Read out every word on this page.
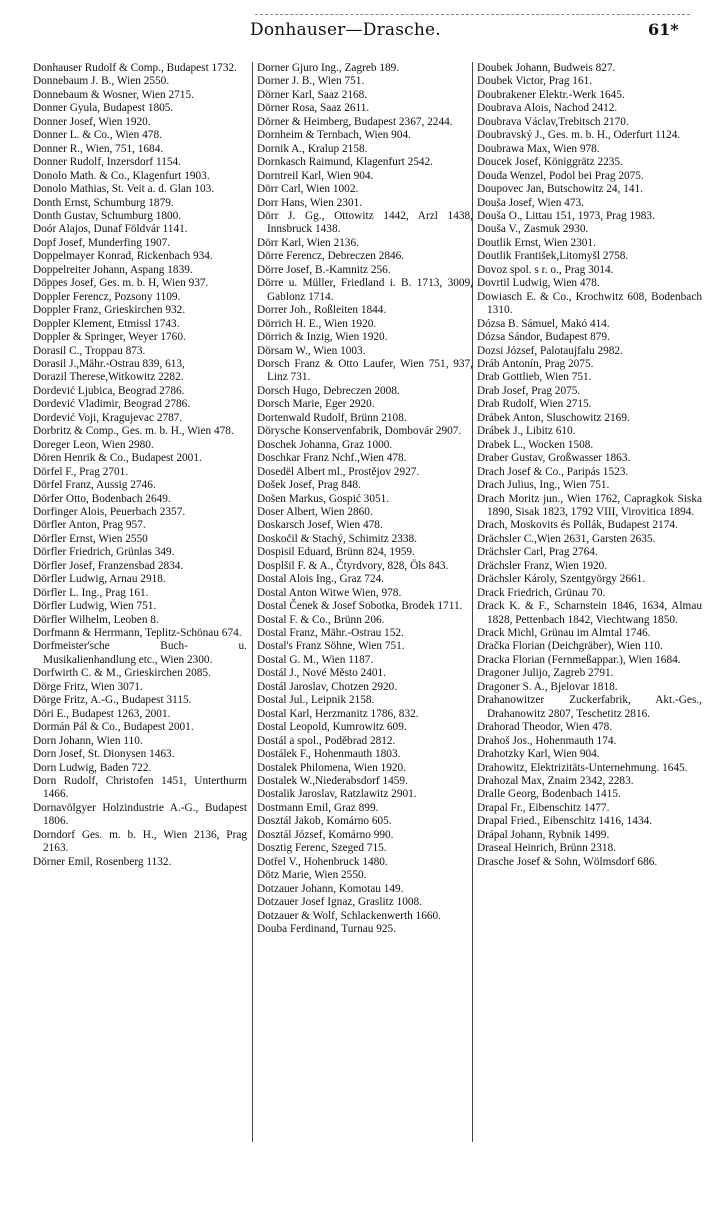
Donhauser—Drasche.	61*

Donhauser Rudolf & Comp., Budapest 1732.

Donnebaum J. B., Wien 2550.

Donnebaum & Wosner, Wien 2715.

Donner Gyula, Budapest 1805.

Donner Josef, Wien 1920.

Donner L. & Co., Wien 478.

Donner R., Wien, 751, 1684.

Donner Rudolf, Inzersdorf 1154.

Donolo Math. & Co., Klagenfurt 1903.

Donolo Mathias, St. Veit a. d. Glan 103.

Donth Ernst, Schumburg 1879.

Donth Gustav, Schumburg 1800.

Doór Alajos, Dunaf Földvár 1141.

Dopf Josef, Munderfing 1907.

Doppelmayer Konrad, Rickenbach 934.

Doppelreiter Johann, Aspang 1839.

Döppes Josef, Ges. m. b. H, Wien 937.

Doppler Ferencz, Pozsony 1109.

Doppler Franz, Grieskirchen 932.

Doppler Klement, Etmissl 1743.

Doppler & Springer, Weyer 1760.

Dorasil C., Troppau 873.

Dorasil J.,Mähr.-Ostrau 839, 613,

Dorazil Therese,Witkowitz 2282.

Dordević Ljubica, Beograd 2786.

Dordević Vladimir, Beograd 2786.

Dordević Voji, Kragujevac 2787.

Dorbritz & Comp., Ges. m. b. H., Wien 478.

Doreger Leon, Wien 2980.

Dören Henrik & Co., Budapest 2001.

Dörfel F., Prag 2701.

Dörfel Franz, Aussig 2746.

Dörfer Otto, Bodenbach 2649.

Dorfinger Alois, Peuerbach 2357.

Dörfler Anton, Prag 957.

Dörfler Ernst, Wien 2550

Dörfler Friedrich, Grünlas 349.

Dörfler Josef, Franzensbad 2834.

Dörfler Ludwig, Arnau 2918.

Dörfler L. Ing., Prag 161.

Dörfler Ludwig, Wien 751.

Dörfler Wilhelm, Leoben 8.

Dorfmann & Herrmann, Teplitz-Schönau 674.

Dorfmeister'sche Buch- u. Musikalienhandlung etc., Wien 2300.

Dorfwirth C. & M., Grieskirchen 2085.

Dörge Fritz, Wien 3071.

Dörge Fritz, A.-G., Budapest 3115.

Döri E., Budapest 1263, 2001.

Dormán Pál & Co., Budapest 2001.

Dorn Johann, Wien 110.

Dorn Josef, St. Dionysen 1463.

Dorn Ludwig, Baden 722.

Dorn Rudolf, Christofen 1451, Unterthurm 1466.

Dornavölgyer Holzindustrie A.-G., Budapest 1806.

Dorndorf Ges. m. b. H., Wien 2136, Prag 2163.

Dörner Emil, Rosenberg 1132.

Dorner Gjuro Ing., Zagreb 189.

Dorner J. B., Wien 751.

Dörner Karl, Saaz 2168.

Dörner Rosa, Saaz 2611.

Dörner & Heimberg, Budapest 2367, 2244.

Dornheim & Ternbach, Wien 904.

Dornik A., Kralup 2158.

Dornkasch Raimund, Klagenfurt 2542.

Dorntreil Karl, Wien 904.

Dörr Carl, Wien 1002.

Dorr Hans, Wien 2301.

Dörr J. Gg., Ottowitz 1442, Arzl 1438, Innsbruck 1438.

Dörr Karl, Wien 2136.

Dörre Ferencz, Debreczen 2846.

Dörre Josef, B.-Kamnitz 256.

Dörre u. Müller, Friedland i. B. 1713, 3009, Gablonz 1714.

Dorrer Joh., Roßleiten 1844.

Dörrich H. E., Wien 1920.

Dörrich & Inzig, Wien 1920.

Dörsam W., Wien 1003.

Dorsch Franz & Otto Laufer, Wien 751, 937, Linz 731.

Dorsch Hugo, Debreczen 2008.

Dorsch Marie, Eger 2920.

Dortenwald Rudolf, Brünn 2108.

Dörysche Konservenfabrik, Dombovár 2907.

Doschek Johanna, Graz 1000.

Doschkar Franz Nchf.,Wien 478.

Dosedël Albert ml., Prostějov 2927.

Došek Josef, Prag 848.

Došen Markus, Gospić 3051.

Doser Albert, Wien 2860.

Doskarsch Josef, Wien 478.

Doskočil & Stachý, Schimitz 2338.

Dospisil Eduard, Brünn 824, 1959.

Dosplšil F. & A., Čtyrdvory, 828, Öls 843.

Dostal Alois Ing., Graz 724.

Dostal Anton Witwe Wien, 978.

Dostal Čenek & Josef Sobotka, Brodek 1711.

Dostal F. & Co., Brünn 206.

Dostal Franz, Mähr.-Ostrau 152.

Dostal's Franz Söhne, Wien 751.

Dostal G. M., Wien 1187.

Dostál J., Nové Město 2401.

Dostál Jaroslav, Chotzen 2920.

Dostal Jul., Leipnik 2158.

Dostal Karl, Herzmanitz 1786, 832.

Dostal Leopold, Kumrowitz 609.

Dostál a spol., Poděbrad 2812.

Dostálek F., Hohenmauth 1803.

Dostalek Philomena, Wien 1920.

Dostalek W.,Niederabsdorf 1459.

Dostalik Jaroslav, Ratzlawitz 2901.

Dostmann Emil, Graz 899.

Dosztál Jakob, Komárno 605.

Dosztál József, Komárno 990.

Dosztig Ferenc, Szeged 715.

Dotřel V., Hohenbruck 1480.

Dötz Marie, Wien 2550.

Dotzauer Johann, Komotau 149.

Dotzauer Josef Ignaz, Graslitz 1008.

Dotzauer & Wolf, Schlackenwerth 1660.

Douba Ferdinand, Turnau 925.

Doubek Johann, Budweis 827.

Doubek Victor, Prag 161.

Doubrakener Elektr.-Werk 1645.

Doubrava Alois, Nachod 2412.

Doubrava Václav,Trebitsch 2170.

Doubravský J., Ges. m. b. H., Oderfurt 1124.

Doubrawa Max, Wien 978.

Doucek Josef, Königgrätz 2235.

Douda Wenzel, Podol bei Prag 2075.

Doupovec Jan, Butschowitz 24, 141.

Douša Josef, Wien 473.

Douša O., Littau 151, 1973, Prag 1983.

Douša V., Zasmuk 2930.

Doutlik Ernst, Wien 2301.

Doutlik František,Litomyšl 2758.

Dovoz spol. s r. o., Prag 3014.

Dovrtil Ludwig, Wien 478.

Dowiasch E. & Co., Krochwitz 608, Bodenbach 1310.

Dózsa B. Sámuel, Makó 414.

Dózsa Sándor, Budapest 879.

Dozsi József, Palotaujfalu 2982.

Dráb Antonín, Prag 2075.

Drab Gottlieb, Wien 751.

Drab Josef, Prag 2075.

Drab Rudolf, Wien 2715.

Drábek Anton, Sluschowitz 2169.

Drábek J., Libitz 610.

Drabek L., Wocken 1508.

Draber Gustav, Großwasser 1863.

Drach Josef & Co., Paripás 1523.

Drach Julius, Ing., Wien 751.

Drach Moritz jun., Wien 1762, Capragkok Siska 1890, Sisak 1823, 1792 VIII, Virovitica 1894.

Drach, Moskovits és Pollák, Budapest 2174.

Drächsler C.,Wien 2631, Garsten 2635.

Drächsler Carl, Prag 2764.

Drächsler Franz, Wien 1920.

Drächsler Károly, Szentgyörgy 2661.

Drack Friedrich, Grünau 70.

Drack K. & F., Scharnstein 1846, 1634, Almau 1828, Pettenbach 1842, Viechtwang 1850.

Drack Michl, Grünau im Almtal 1746.

Dračka Florian (Deichgräber), Wien 110.

Dracka Florian (Fernmeßappar.), Wien 1684.

Dragoner Julijo, Zagreb 2791.

Dragoner S. A., Bjelovar 1818.

Drahanowitzer Zuckerfabrik, Akt.-Ges., Drahanowitz 2807, Teschetitz 2816.

Drahorad Theodor, Wien 478.

Drahoš Jos., Hohenmauth 174.

Drahotzky Karl, Wien 904.

Drahowitz, Elektrizitäts-Unternehmung. 1645.

Drahozal Max, Znaim 2342, 2283.

Dralle Georg, Bodenbach 1415.

Drapal Fr., Eibenschitz 1477.

Drapal Fried., Eibenschitz 1416, 1434.

Drápal Johann, Rybnik 1499.

Draseal Heinrich, Brünn 2318.

Drasche Josef & Sohn, Wölmsdorf 686.
